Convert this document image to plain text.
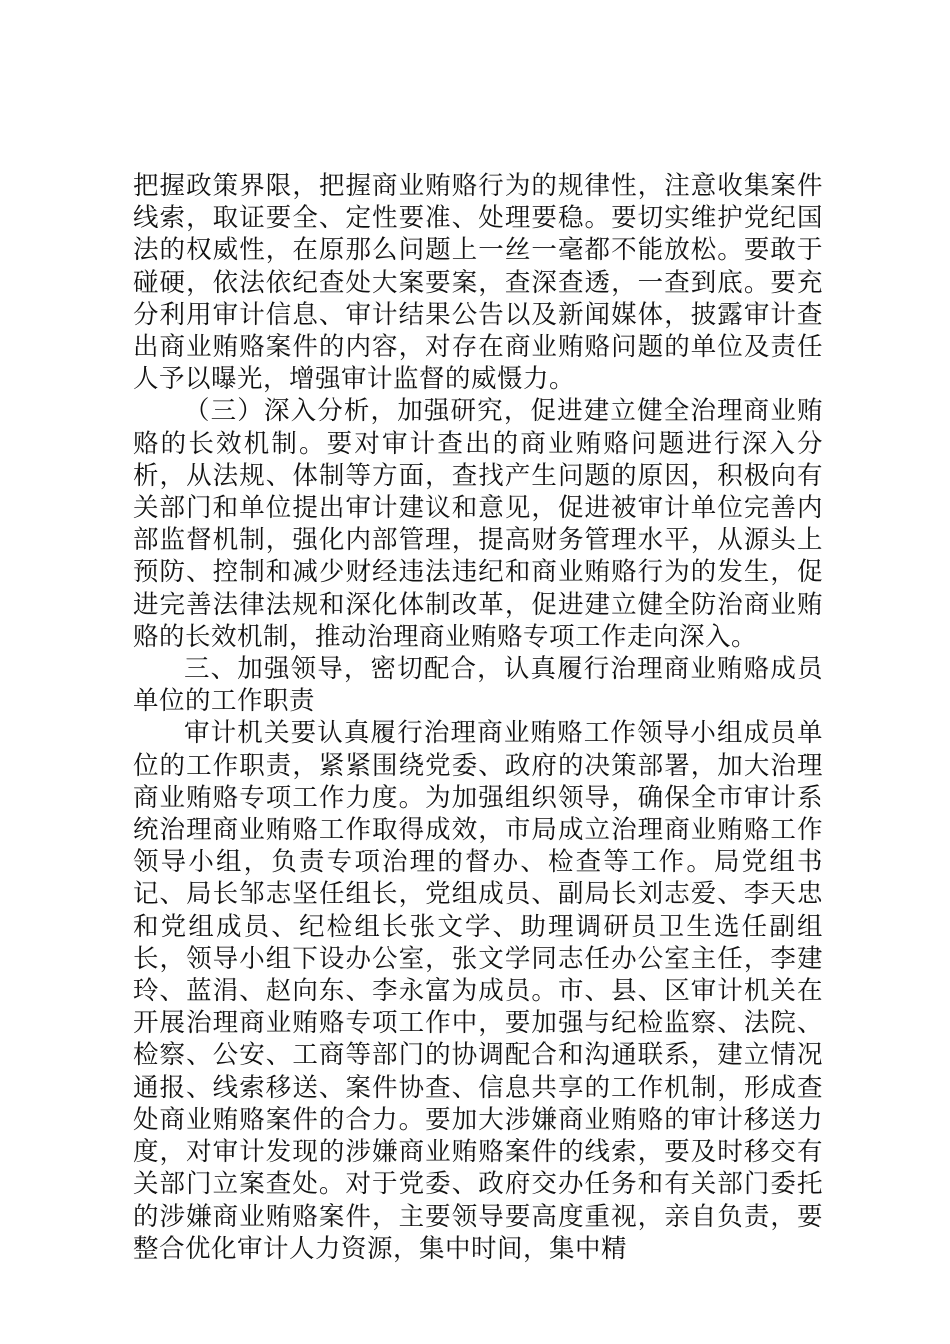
把握政策界限，把握商业贿赂行为的规律性，注意收集案件线索，取证要全、定性要准、处理要稳。要切实维护党纪国法的权威性，在原那么问题上一丝一毫都不能放松。要敢于碰硬，依法依纪查处大案要案，查深查透，一查到底。要充分利用审计信息、审计结果公告以及新闻媒体，披露审计查出商业贿赂案件的内容，对存在商业贿赂问题的单位及责任人予以曝光，增强审计监督的威慑力。

（三）深入分析，加强研究，促进建立健全治理商业贿赂的长效机制。要对审计查出的商业贿赂问题进行深入分析，从法规、体制等方面，查找产生问题的原因，积极向有关部门和单位提出审计建议和意见，促进被审计单位完善内部监督机制，强化内部管理，提高财务管理水平，从源头上预防、控制和减少财经违法违纪和商业贿赂行为的发生，促进完善法律法规和深化体制改革，促进建立健全防治商业贿赂的长效机制，推动治理商业贿赂专项工作走向深入。

三、加强领导，密切配合，认真履行治理商业贿赂成员单位的工作职责

审计机关要认真履行治理商业贿赂工作领导小组成员单位的工作职责，紧紧围绕党委、政府的决策部署，加大治理商业贿赂专项工作力度。为加强组织领导，确保全市审计系统治理商业贿赂工作取得成效，市局成立治理商业贿赂工作领导小组，负责专项治理的督办、检查等工作。局党组书记、局长邹志坚任组长，党组成员、副局长刘志爱、李天忠和党组成员、纪检组长张文学、助理调研员卫生选任副组长，领导小组下设办公室，张文学同志任办公室主任，李建玲、蓝涓、赵向东、李永富为成员。市、县、区审计机关在开展治理商业贿赂专项工作中，要加强与纪检监察、法院、检察、公安、工商等部门的协调配合和沟通联系，建立情况通报、线索移送、案件协查、信息共享的工作机制，形成查处商业贿赂案件的合力。要加大涉嫌商业贿赂的审计移送力度，对审计发现的涉嫌商业贿赂案件的线索，要及时移交有关部门立案查处。对于党委、政府交办任务和有关部门委托的涉嫌商业贿赂案件，主要领导要高度重视，亲自负责，要整合优化审计人力资源，集中时间，集中精
